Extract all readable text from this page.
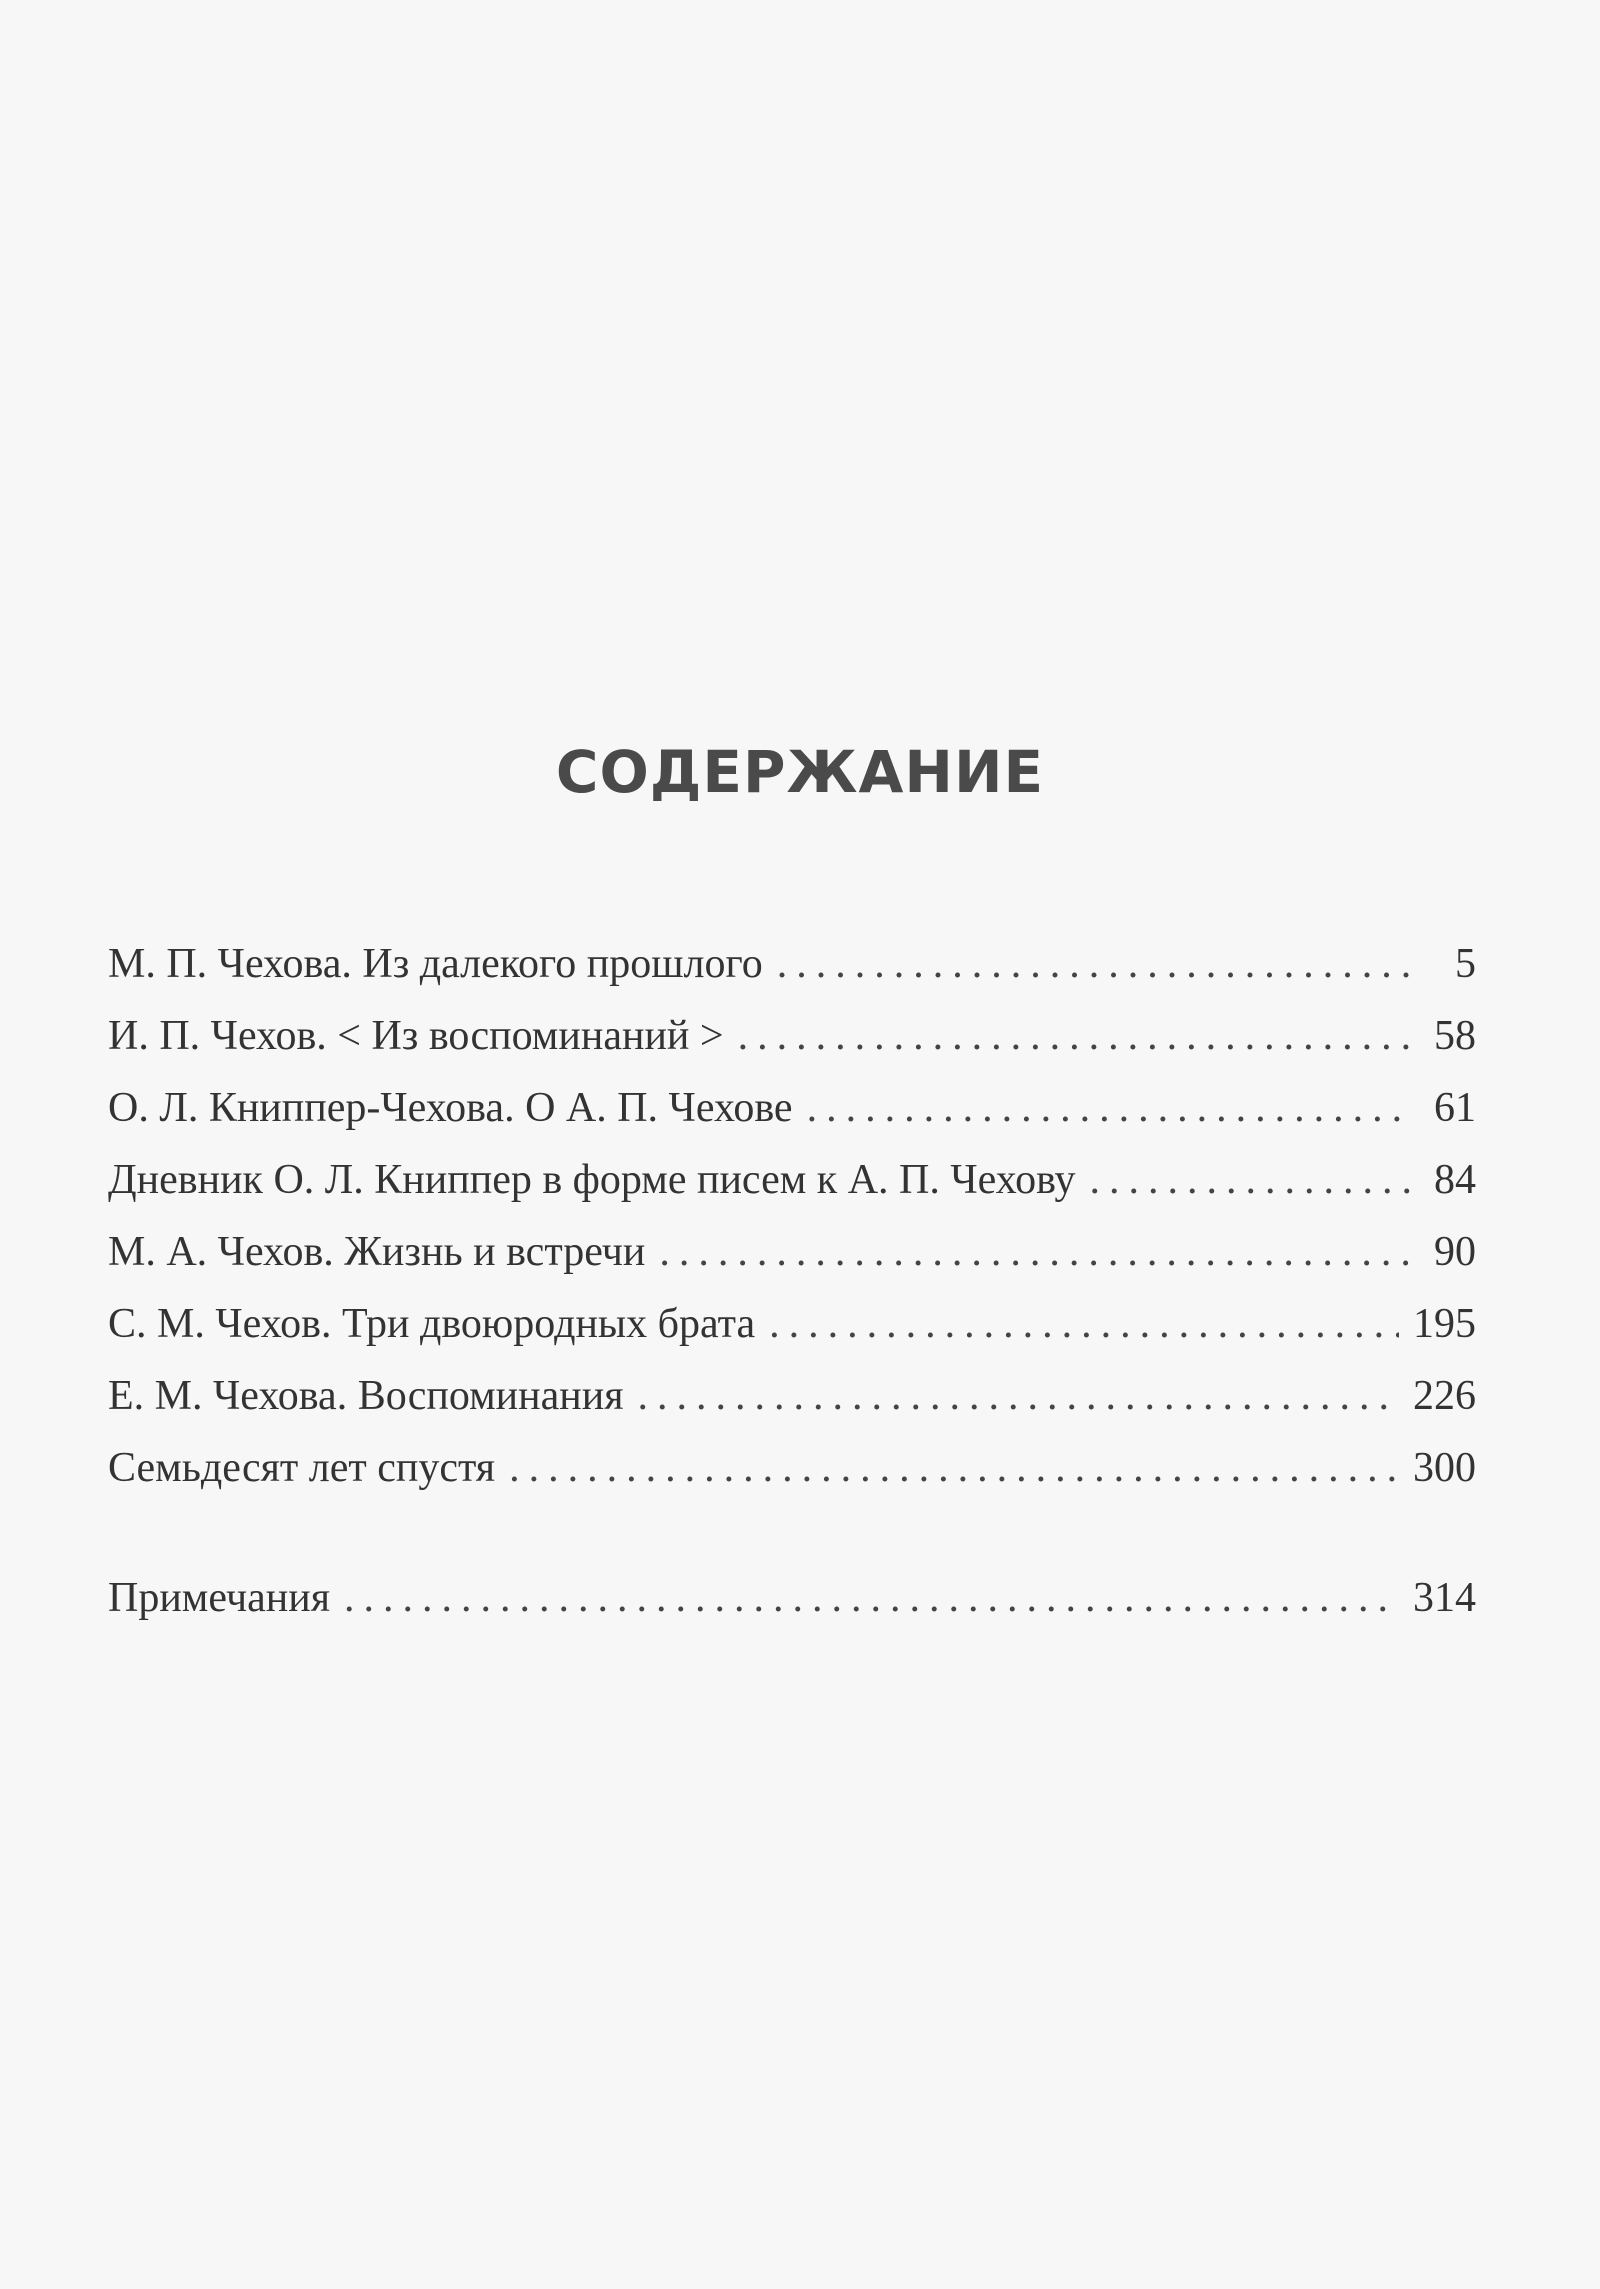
СОДЕРЖАНИЕ
М. П. Чехова. Из далекого прошлого .....	5
И. П. Чехов. < Из воспоминаний > .....	58
О. Л. Книппер-Чехова. О А. П. Чехове .....	61
Дневник О. Л. Книппер в форме писем к А. П. Чехову .....	84
М. А. Чехов. Жизнь и встречи .....	90
С. М. Чехов. Три двоюродных брата .....	195
Е. М. Чехова. Воспоминания .....	226
Семьдесят лет спустя .....	300
Примечания .....	314
